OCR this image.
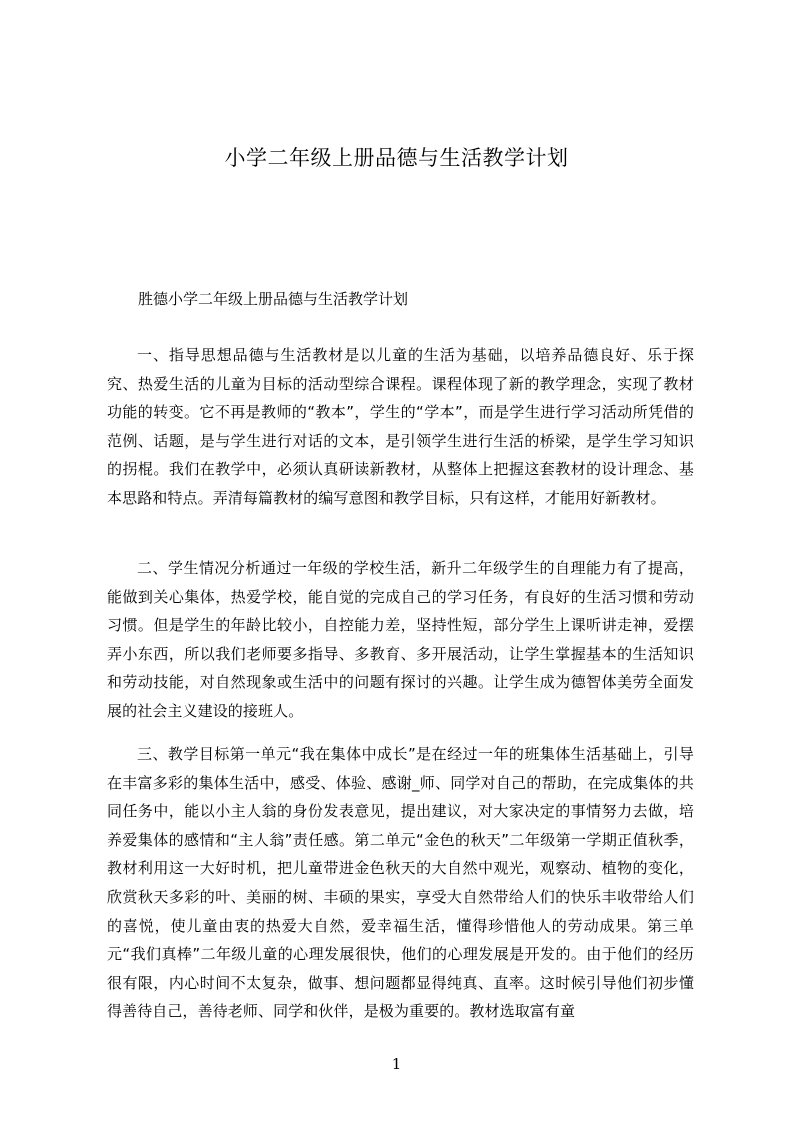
小学二年级上册品德与生活教学计划

胜德小学二年级上册品德与生活教学计划

一、指导思想品德与生活教材是以儿童的生活为基础，以培养品德良好、乐于探究、热爱生活的儿童为目标的活动型综合课程。课程体现了新的教学理念，实现了教材功能的转变。它不再是教师的“教本”，学生的“学本”，而是学生进行学习活动所凭借的范例、话题，是与学生进行对话的文本，是引领学生进行生活的桥梁，是学生学习知识的拐棍。我们在教学中，必须认真研读新教材，从整体上把握这套教材的设计理念、基本思路和特点。弄清每篇教材的编写意图和教学目标，只有这样，才能用好新教材。

二、学生情况分析通过一年级的学校生活，新升二年级学生的自理能力有了提高，能做到关心集体，热爱学校，能自觉的完成自己的学习任务，有良好的生活习惯和劳动习惯。但是学生的年龄比较小，自控能力差，坚持性短，部分学生上课听讲走神，爱摆弄小东西，所以我们老师要多指导、多教育、多开展活动，让学生掌握基本的生活知识和劳动技能，对自然现象或生活中的问题有探讨的兴趣。让学生成为德智体美劳全面发展的社会主义建设的接班人。

三、教学目标第一单元“我在集体中成长”是在经过一年的班集体生活基础上，引导在丰富多彩的集体生活中，感受、体验、感谢_师、同学对自己的帮助，在完成集体的共同任务中，能以小主人翁的身份发表意见，提出建议，对大家决定的事情努力去做，培养爱集体的感情和“主人翁”责任感。第二单元“金色的秋天”二年级第一学期正值秋季，教材利用这一大好时机，把儿童带进金色秋天的大自然中观光，观察动、植物的变化，欣赏秋天多彩的叶、美丽的树、丰硕的果实，享受大自然带给人们的快乐丰收带给人们的喜悦，使儿童由衷的热爱大自然，爱幸福生活，懂得珍惜他人的劳动成果。第三单元“我们真棒”二年级儿童的心理发展很快，他们的心理发展是开发的。由于他们的经历很有限，内心时间不太复杂，做事、想问题都显得纯真、直率。这时候引导他们初步懂得善待自己，善待老师、同学和伙伴，是极为重要的。教材选取富有童

1
